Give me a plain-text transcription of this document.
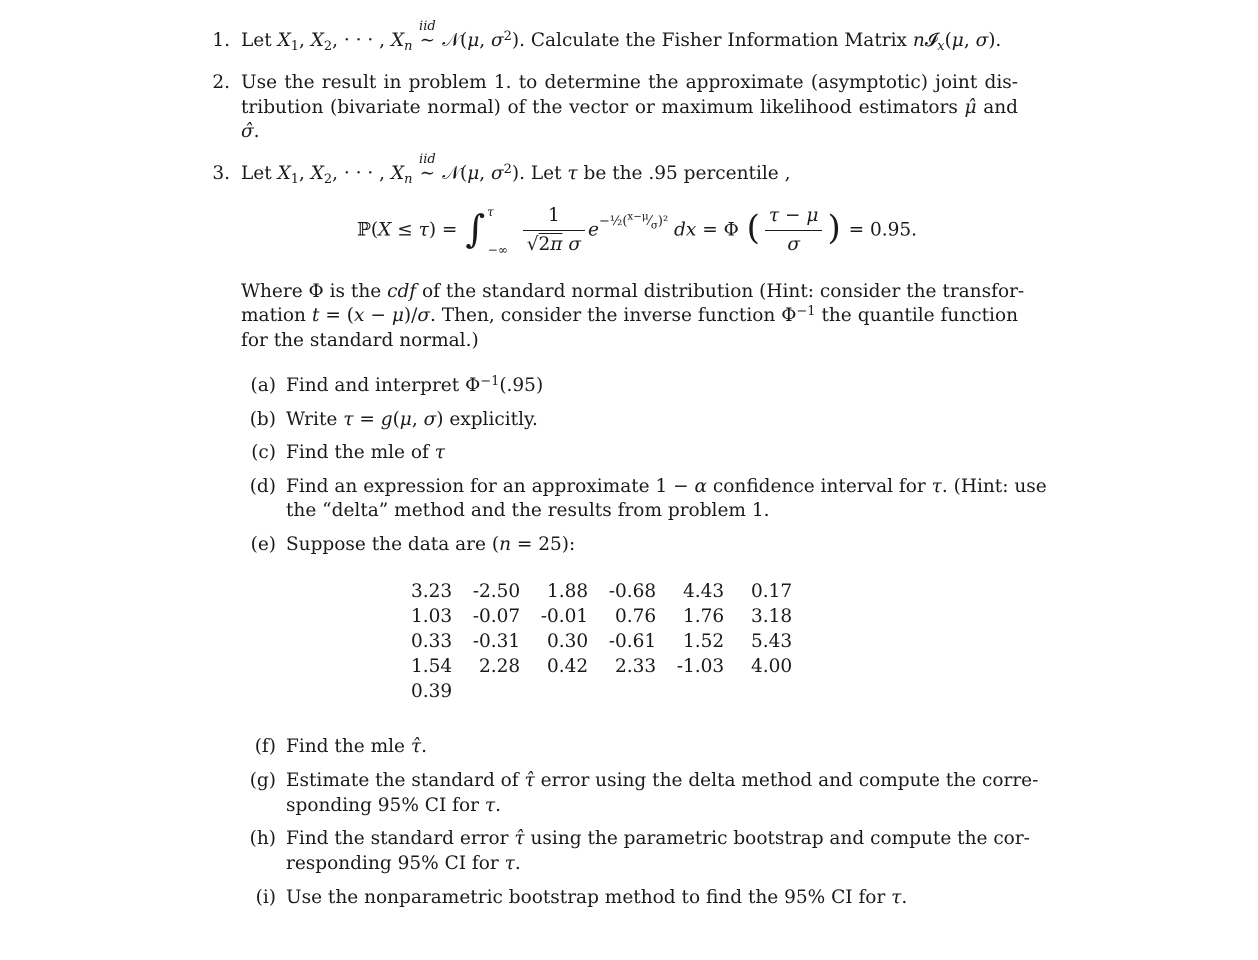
1. Let $X_1$, $X_2$, · · · , $X_n$ ∼
iid
𝒩(μ, $\sigma^2$). Calculate the Fisher Information Matrix n𝓘$_x$(μ, σ).
2. Use the result in problem 1. to determine the approximate (asymptotic) joint dis-
tribution (bivariate normal) of the vector or maximum likelihood estimators μ̂ and
σ̂.
3. Let $X_1$, $X_2$, · · · , $X_n$ ∼
iid
𝒩(μ, $\sigma^2$). Let τ be the .95 percentile ,
ℙ(X ≤ τ) = ∫ $^\tau_{-\infty} \frac{1}{\text{√2π σ}} e^{-\frac{1}{2}(^{x-\mu}⁄_\sigma)^2}$ dx = Φ ( $\frac{\tau - \mu}{\sigma}$ ) = 0.95.
Where Φ is the cdf of the standard normal distribution (Hint: consider the transfor-
mation t = (x − μ)/σ. Then, consider the inverse function $\Phi^{-1}$ the quantile function
for the standard normal.)
(a) Find and interpret $\Phi^{-1}(.95)$
(b) Write τ = g(μ, σ) explicitly.
(c) Find the mle of τ
(d) Find an expression for an approximate 1 − α confidence interval for τ. (Hint: use
the “delta” method and the results from problem 1.
(e) Suppose the data are (n = 25):
3.23	-2.50	1.88	-0.68	4.43	0.17
1.03	-0.07	-0.01	0.76	1.76	3.18
0.33	-0.31	0.30	-0.61	1.52	5.43
1.54	2.28	0.42	2.33	-1.03	4.00
0.39					
(f) Find the mle τ̂.
(g) Estimate the standard of τ̂ error using the delta method and compute the corre-
sponding 95% CI for τ.
(h) Find the standard error τ̂ using the parametric bootstrap and compute the cor-
responding 95% CI for τ.
(i) Use the nonparametric bootstrap method to find the 95% CI for τ.
